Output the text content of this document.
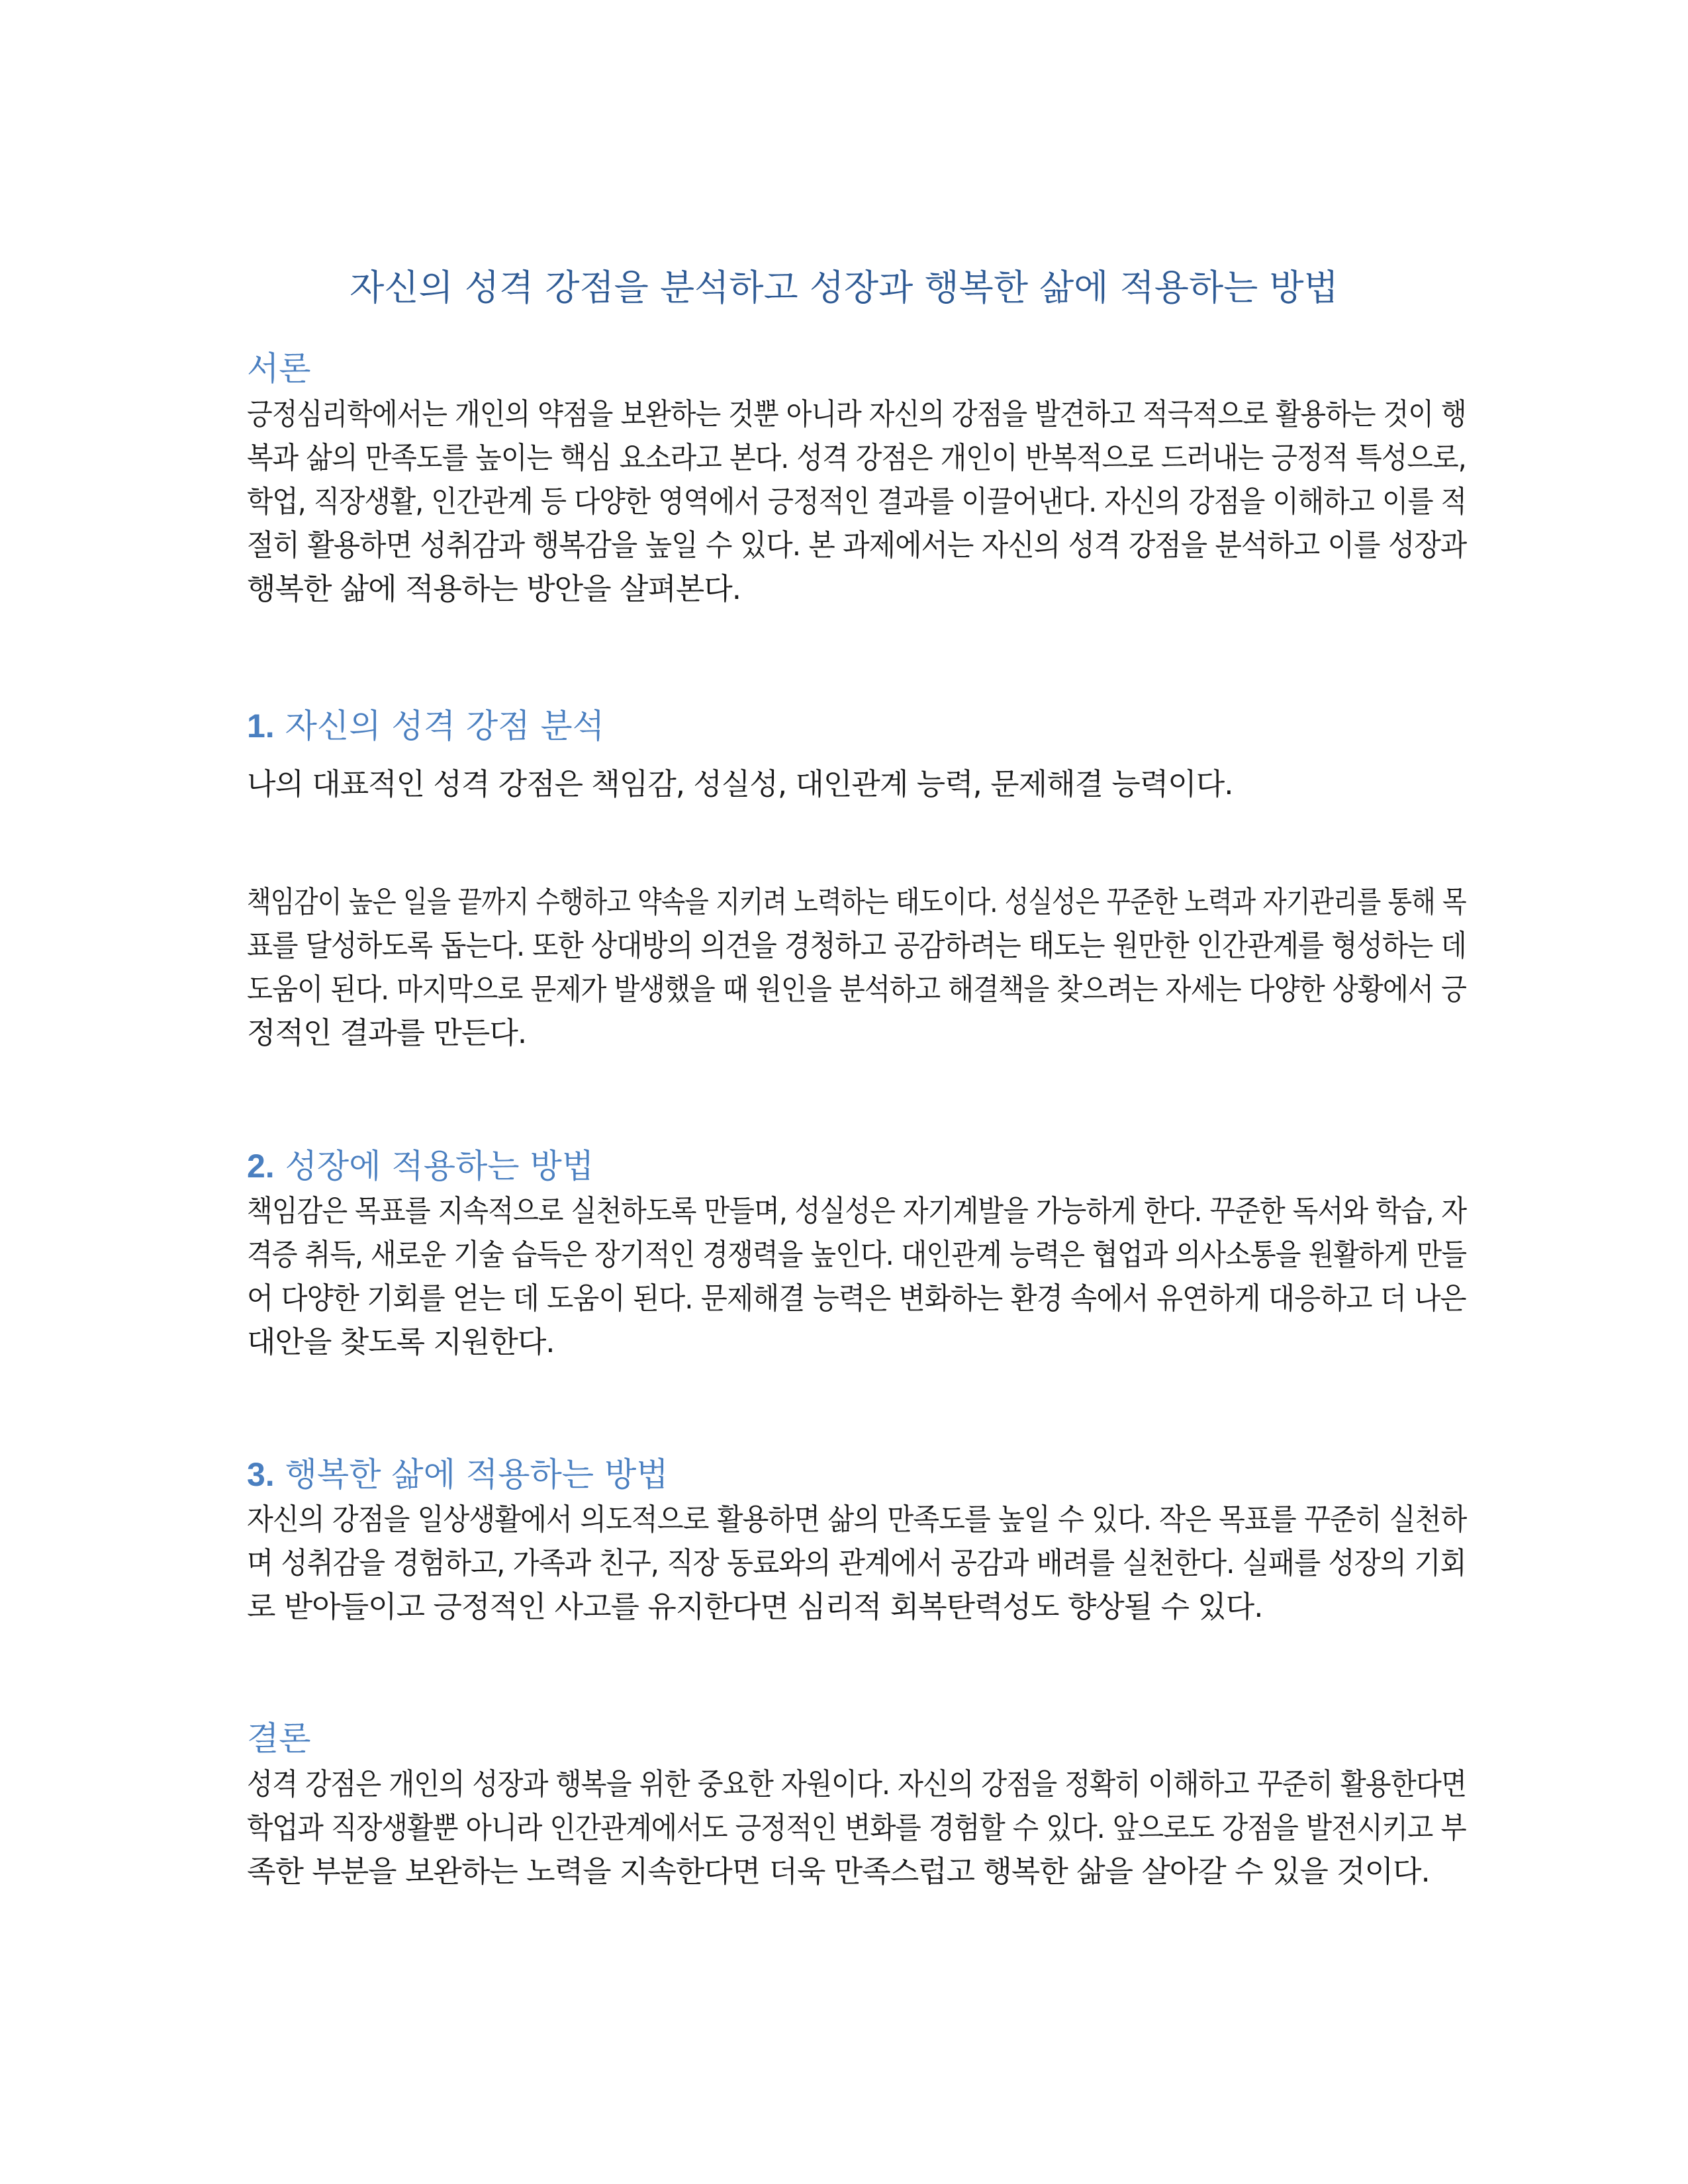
자신의 성격 강점을 분석하고 성장과 행복한 삶에 적용하는 방법
서론
긍정심리학에서는 개인의 약점을 보완하는 것뿐 아니라 자신의 강점을 발견하고 적극적으로 활용하는 것이 행
복과 삶의 만족도를 높이는 핵심 요소라고 본다. 성격 강점은 개인이 반복적으로 드러내는 긍정적 특성으로,
학업, 직장생활, 인간관계 등 다양한 영역에서 긍정적인 결과를 이끌어낸다. 자신의 강점을 이해하고 이를 적
절히 활용하면 성취감과 행복감을 높일 수 있다. 본 과제에서는 자신의 성격 강점을 분석하고 이를 성장과
행복한 삶에 적용하는 방안을 살펴본다.
1. 자신의 성격 강점 분석
나의 대표적인 성격 강점은 책임감, 성실성, 대인관계 능력, 문제해결 능력이다.
책임감이 높은 일을 끝까지 수행하고 약속을 지키려 노력하는 태도이다. 성실성은 꾸준한 노력과 자기관리를 통해 목
표를 달성하도록 돕는다. 또한 상대방의 의견을 경청하고 공감하려는 태도는 원만한 인간관계를 형성하는 데
도움이 된다. 마지막으로 문제가 발생했을 때 원인을 분석하고 해결책을 찾으려는 자세는 다양한 상황에서 긍
정적인 결과를 만든다.
2. 성장에 적용하는 방법
책임감은 목표를 지속적으로 실천하도록 만들며, 성실성은 자기계발을 가능하게 한다. 꾸준한 독서와 학습, 자
격증 취득, 새로운 기술 습득은 장기적인 경쟁력을 높인다. 대인관계 능력은 협업과 의사소통을 원활하게 만들
어 다양한 기회를 얻는 데 도움이 된다. 문제해결 능력은 변화하는 환경 속에서 유연하게 대응하고 더 나은
대안을 찾도록 지원한다.
3. 행복한 삶에 적용하는 방법
자신의 강점을 일상생활에서 의도적으로 활용하면 삶의 만족도를 높일 수 있다. 작은 목표를 꾸준히 실천하
며 성취감을 경험하고, 가족과 친구, 직장 동료와의 관계에서 공감과 배려를 실천한다. 실패를 성장의 기회
로 받아들이고 긍정적인 사고를 유지한다면 심리적 회복탄력성도 향상될 수 있다.
결론
성격 강점은 개인의 성장과 행복을 위한 중요한 자원이다. 자신의 강점을 정확히 이해하고 꾸준히 활용한다면
학업과 직장생활뿐 아니라 인간관계에서도 긍정적인 변화를 경험할 수 있다. 앞으로도 강점을 발전시키고 부
족한 부분을 보완하는 노력을 지속한다면 더욱 만족스럽고 행복한 삶을 살아갈 수 있을 것이다.
